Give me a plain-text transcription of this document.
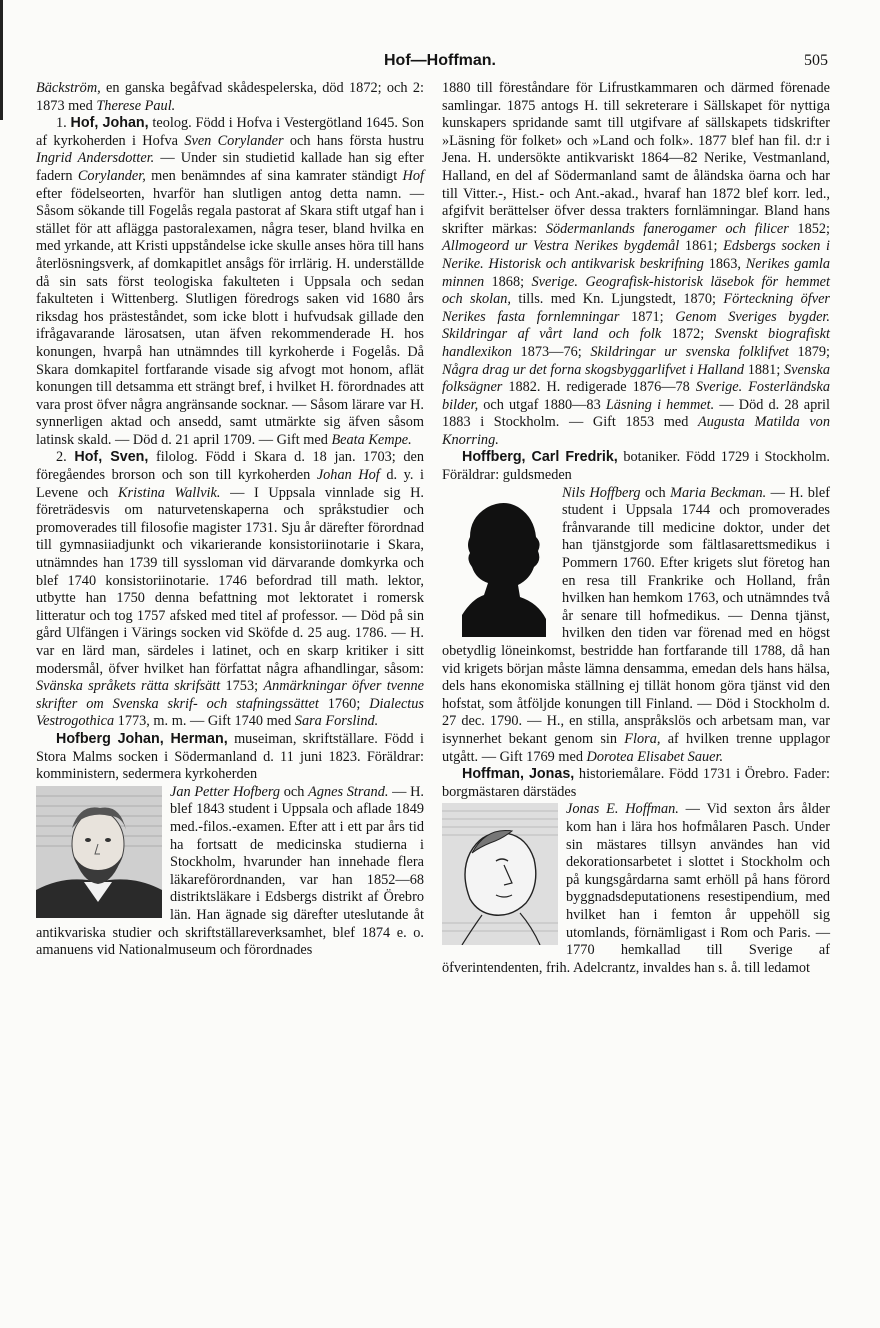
Hof—Hoffman.	505

Bäckström, en ganska begåfvad skådespelerska, död 1872; och 2: 1873 med Therese Paul.

1. Hof, Johan, teolog. Född i Hofva i Vestergötland 1645. Son af kyrkoherden i Hofva Sven Corylander och hans första hustru Ingrid Andersdotter. — Under sin studietid kallade han sig efter fadern Corylander, men benämndes af sina kamrater ständigt Hof efter födelseorten, hvarför han slutligen antog detta namn. — Såsom sökande till Fogelås regala pastorat af Skara stift utgaf han i stället för att aflägga pastoralexamen, några teser, bland hvilka en med yrkande, att Kristi uppståndelse icke skulle anses höra till hans återlösningsverk, af domkapitlet ansågs för irrlärig. H. underställde då sin sats först teologiska fakulteten i Uppsala och sedan fakulteten i Wittenberg. Slutligen föredrogs saken vid 1680 års riksdag hos prästeståndet, som icke blott i hufvudsak gillade den ifrågavarande lärosatsen, utan äfven rekommenderade H. hos konungen, hvarpå han utnämndes till kyrkoherde i Fogelås. Då Skara domkapitel fortfarande visade sig afvogt mot honom, aflät konungen till detsamma ett strängt bref, i hvilket H. förordnades att vara prost öfver några angränsande socknar. — Såsom lärare var H. synnerligen aktad och ansedd, samt utmärkte sig äfven såsom latinsk skald. — Död d. 21 april 1709. — Gift med Beata Kempe.

2. Hof, Sven, filolog. Född i Skara d. 18 jan. 1703; den föregåendes brorson och son till kyrkoherden Johan Hof d. y. i Levene och Kristina Wallvik. — I Uppsala vinnlade sig H. företrädesvis om naturvetenskaperna och språkstudier och promoverades till filosofie magister 1731. Sju år därefter förordnad till gymnasiiadjunkt och vikarierande konsistoriinotarie i Skara, utnämndes han 1739 till syssloman vid därvarande domkyrka och blef 1740 konsistoriinotarie. 1746 befordrad till math. lektor, utbytte han 1750 denna befattning mot lektoratet i romersk litteratur och tog 1757 afsked med titel af professor. — Död på sin gård Ulfängen i Värings socken vid Sköfde d. 25 aug. 1786. — H. var en lärd man, särdeles i latinet, och en skarp kritiker i sitt modersmål, öfver hvilket han författat några afhandlingar, såsom: Svänska språkets rätta skrifsätt 1753; Anmärkningar öfver tvenne skrifter om Svenska skrif- och stafningssättet 1760; Dialectus Vestrogothica 1773, m. m. — Gift 1740 med Sara Forslind.

Hofberg Johan, Herman, museiman, skriftställare. Född i Stora Malms socken i Södermanland d. 11 juni 1823. Föräldrar: komministern, sedermera kyrkoherden

Jan Petter Hofberg och Agnes Strand. — H. blef 1843 student i Uppsala och aflade 1849 med.-filos.-examen. Efter att i ett par års tid ha fortsatt de medicinska studierna i Stockholm, hvarunder han innehade flera läkareförordnanden, var han 1852—68 distriktsläkare i Edsbergs distrikt af Örebro län. Han ägnade sig därefter uteslutande åt antikvariska studier och skriftställareverksamhet, blef 1874 e. o. amanuens vid Nationalmuseum och förordnades

1880 till föreståndare för Lifrustkammaren och därmed förenade samlingar. 1875 antogs H. till sekreterare i Sällskapet för nyttiga kunskapers spridande samt till utgifvare af sällskapets tidskrifter »Läsning för folket» och »Land och folk». 1877 blef han fil. d:r i Jena. H. undersökte antikvariskt 1864—82 Nerike, Vestmanland, Halland, en del af Södermanland samt de åländska öarna och har till Vitter.-, Hist.- och Ant.-akad., hvaraf han 1872 blef korr. led., afgifvit berättelser öfver dessa trakters fornlämningar. Bland hans skrifter märkas: Södermanlands fanerogamer och filicer 1852; Allmogeord ur Vestra Nerikes bygdemål 1861; Edsbergs socken i Nerike. Historisk och antikvarisk beskrifning 1863, Nerikes gamla minnen 1868; Sverige. Geografisk-historisk läsebok för hemmet och skolan, tills. med Kn. Ljungstedt, 1870; Förteckning öfver Nerikes fasta fornlemningar 1871; Genom Sveriges bygder. Skildringar af vårt land och folk 1872; Svenskt biografiskt handlexikon 1873—76; Skildringar ur svenska folklifvet 1879; Några drag ur det forna skogsbyggarlifvet i Halland 1881; Svenska folksägner 1882. H. redigerade 1876—78 Sverige. Fosterländska bilder, och utgaf 1880—83 Läsning i hemmet. — Död d. 28 april 1883 i Stockholm. — Gift 1853 med Augusta Matilda von Knorring.

Hoffberg, Carl Fredrik, botaniker. Född 1729 i Stockholm. Föräldrar: guldsmeden

Nils Hoffberg och Maria Beckman. — H. blef student i Uppsala 1744 och promoverades frånvarande till medicine doktor, under det han tjänstgjorde som fältlasarettsmedikus i Pommern 1760. Efter krigets slut företog han en resa till Frankrike och Holland, från hvilken han hemkom 1763, och utnämndes två år senare till hofmedikus. — Denna tjänst, hvilken den tiden var förenad med en högst obetydlig löneinkomst, bestridde han fortfarande till 1788, då han vid krigets början måste lämna densamma, emedan dels hans hälsa, dels hans ekonomiska ställning ej tillät honom göra tjänst vid den hofstat, som åtföljde konungen till Finland. — Död i Stockholm d. 27 dec. 1790. — H., en stilla, anspråkslös och arbetsam man, var isynnerhet bekant genom sin Flora, af hvilken trenne upplagor utgått. — Gift 1769 med Dorotea Elisabet Sauer.

Hoffman, Jonas, historiemålare. Född 1731 i Örebro. Fader: borgmästaren därstädes

Jonas E. Hoffman. — Vid sexton års ålder kom han i lära hos hofmålaren Pasch. Under sin mästares tillsyn användes han vid dekorationsarbetet i slottet i Stockholm och på kungsgårdarna samt erhöll på hans förord byggnadsdeputationens resestipendium, med hvilket han i femton år uppehöll sig utomlands, förnämligast i Rom och Paris. — 1770 hemkallad till Sverige af öfverintendenten, frih. Adelcrantz, invaldes han s. å. till ledamot
